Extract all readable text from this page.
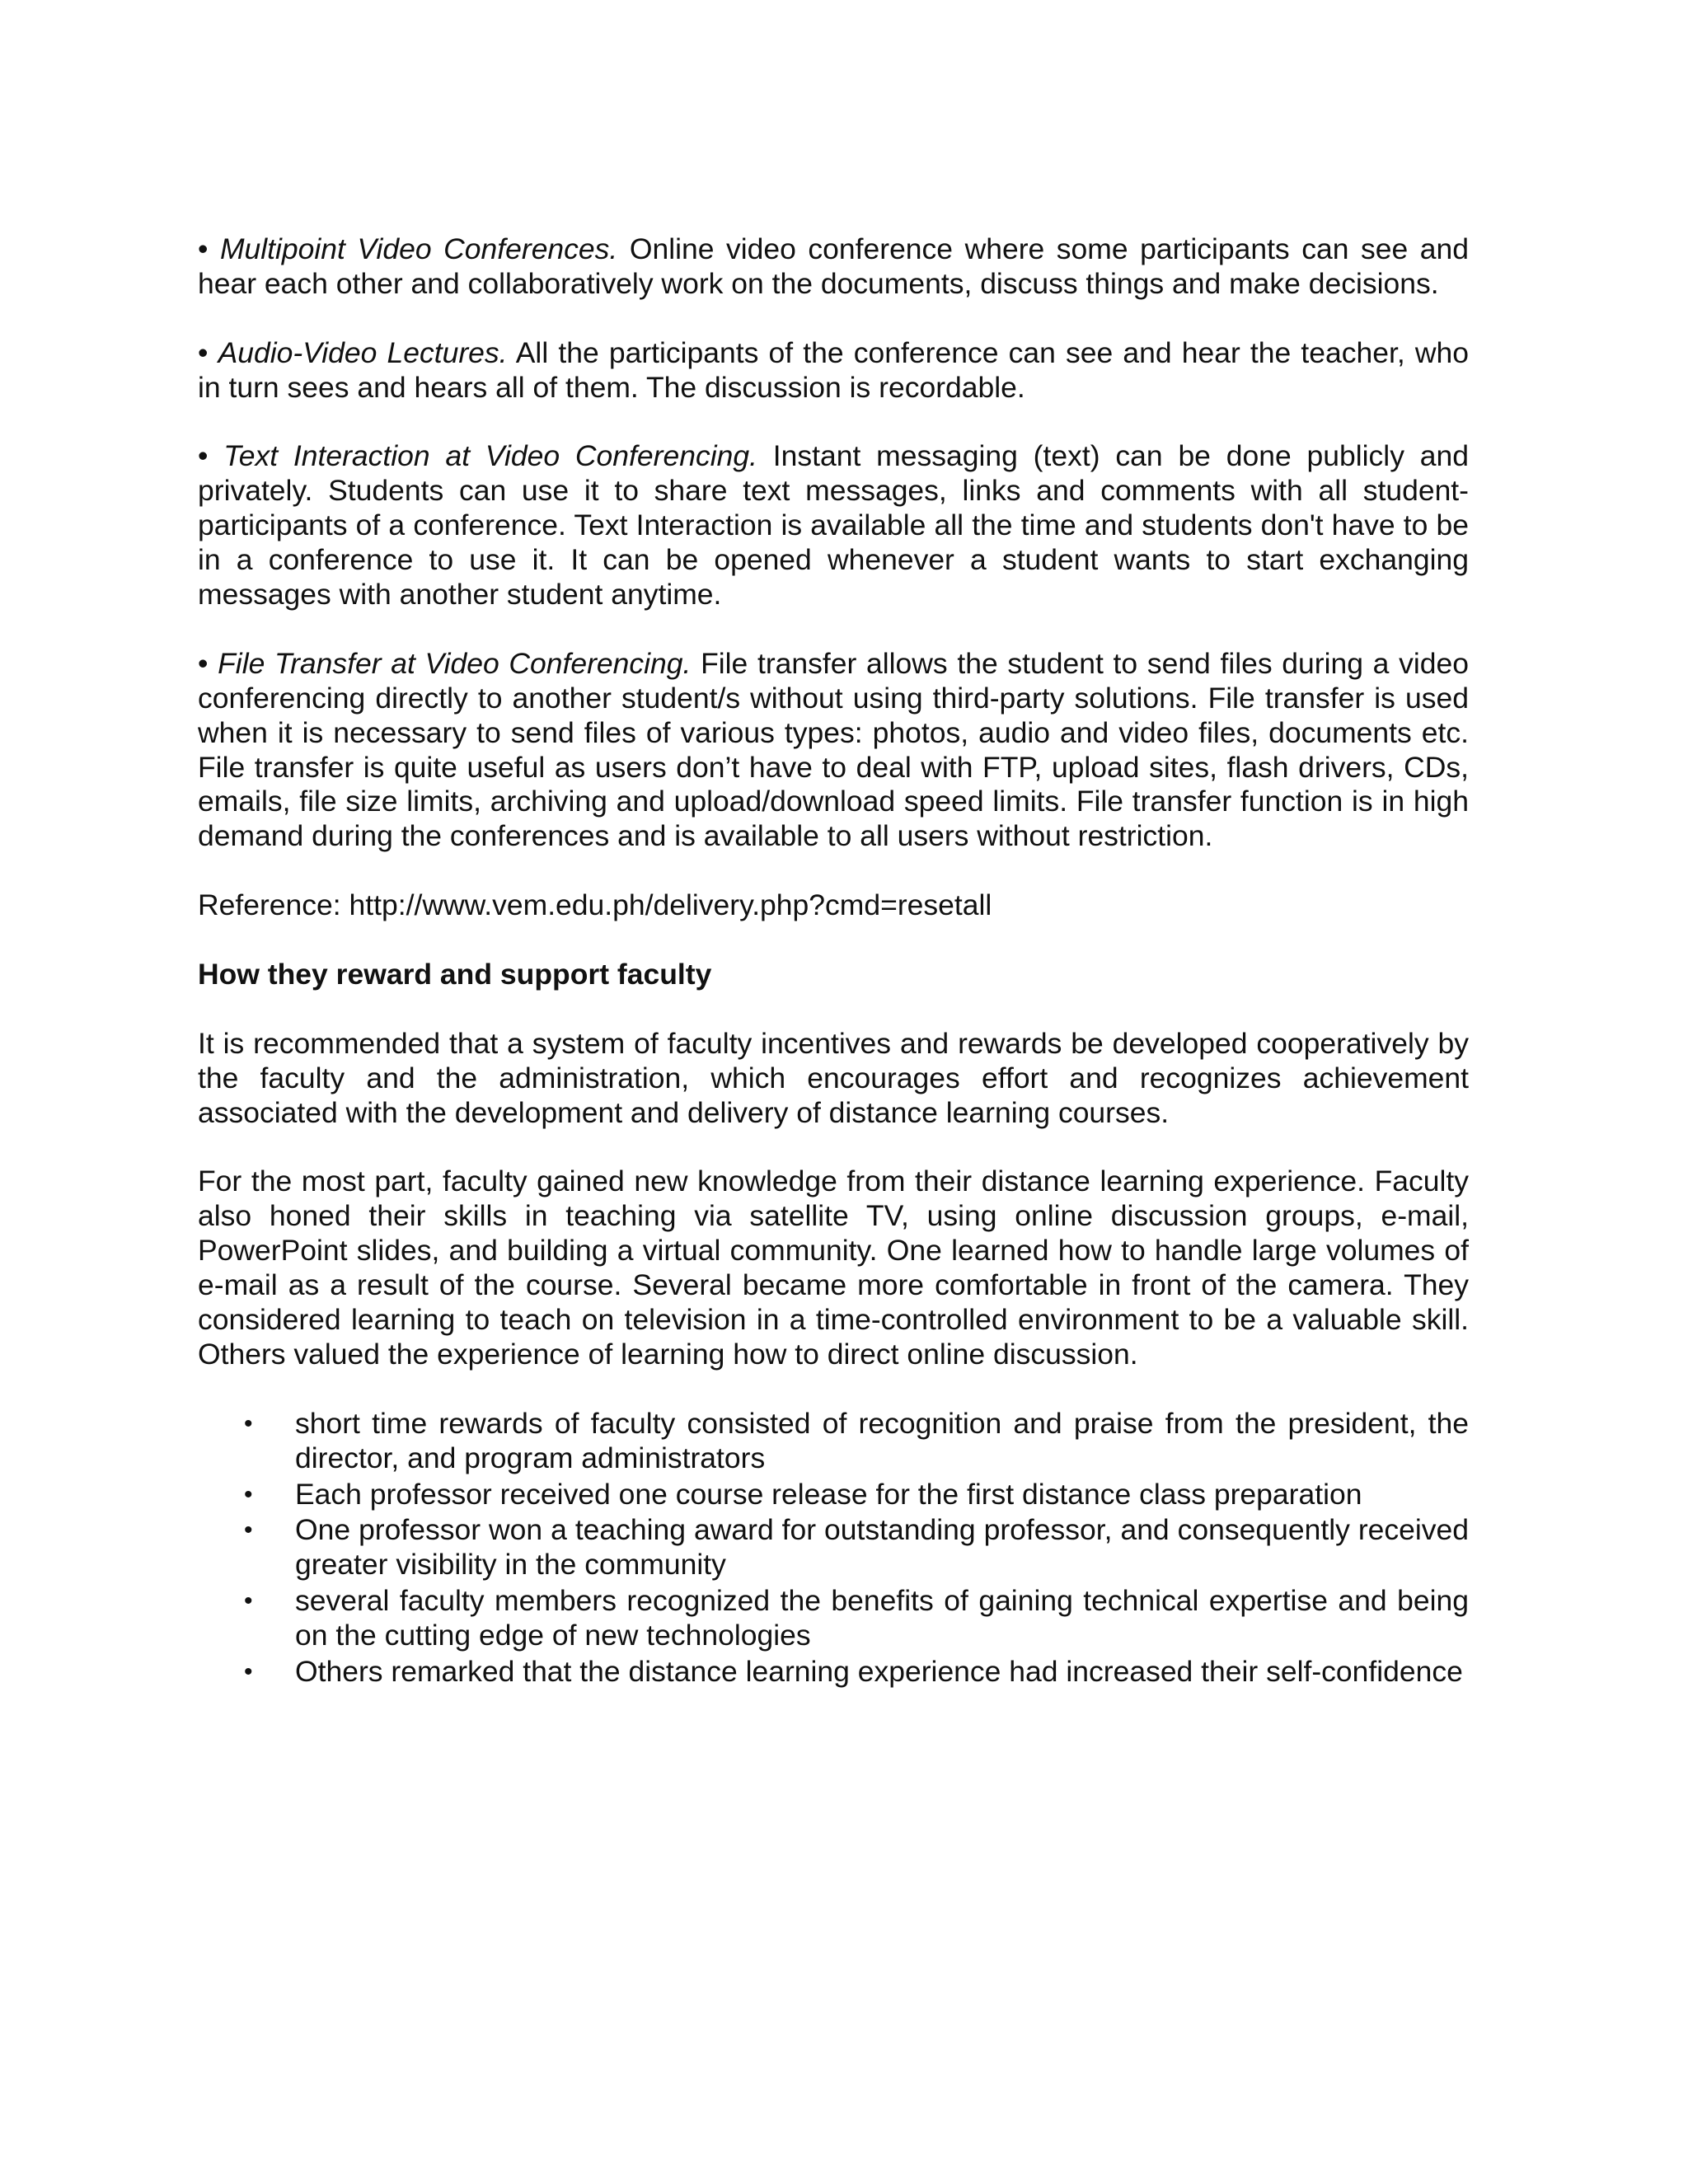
• Multipoint Video Conferences. Online video conference where some participants can see and hear each other and collaboratively work on the documents, discuss things and make decisions.

• Audio-Video Lectures. All the participants of the conference can see and hear the teacher, who in turn sees and hears all of them. The discussion is recordable.

• Text Interaction at Video Conferencing. Instant messaging (text) can be done publicly and privately. Students can use it to share text messages, links and comments with all student-participants of a conference. Text Interaction is available all the time and students don't have to be in a conference to use it. It can be opened whenever a student wants to start exchanging messages with another student anytime.

• File Transfer at Video Conferencing. File transfer allows the student to send files during a video conferencing directly to another student/s without using third-party solutions. File transfer is used when it is necessary to send files of various types: photos, audio and video files, documents etc. File transfer is quite useful as users don’t have to deal with FTP, upload sites, flash drivers, CDs, emails, file size limits, archiving and upload/download speed limits. File transfer function is in high demand during the conferences and is available to all users without restriction.

Reference: http://www.vem.edu.ph/delivery.php?cmd=resetall

How they reward and support faculty

It is recommended that a system of faculty incentives and rewards be developed cooperatively by the faculty and the administration, which encourages effort and recognizes achievement associated with the development and delivery of distance learning courses.

For the most part, faculty gained new knowledge from their distance learning experience. Faculty also honed their skills in teaching via satellite TV, using online discussion groups, e-mail, PowerPoint slides, and building a virtual community. One learned how to handle large volumes of e-mail as a result of the course. Several became more comfortable in front of the camera. They considered learning to teach on television in a time-controlled environment to be a valuable skill. Others valued the experience of learning how to direct online discussion.

•	short time rewards of faculty consisted of recognition and praise from the president, the director, and program administrators
•	Each professor received one course release for the first distance class preparation
•	One professor won a teaching award for outstanding professor, and consequently received greater visibility in the community
•	several faculty members recognized the benefits of gaining technical expertise and being on the cutting edge of new technologies
•	Others remarked that the distance learning experience had increased their self-confidence
